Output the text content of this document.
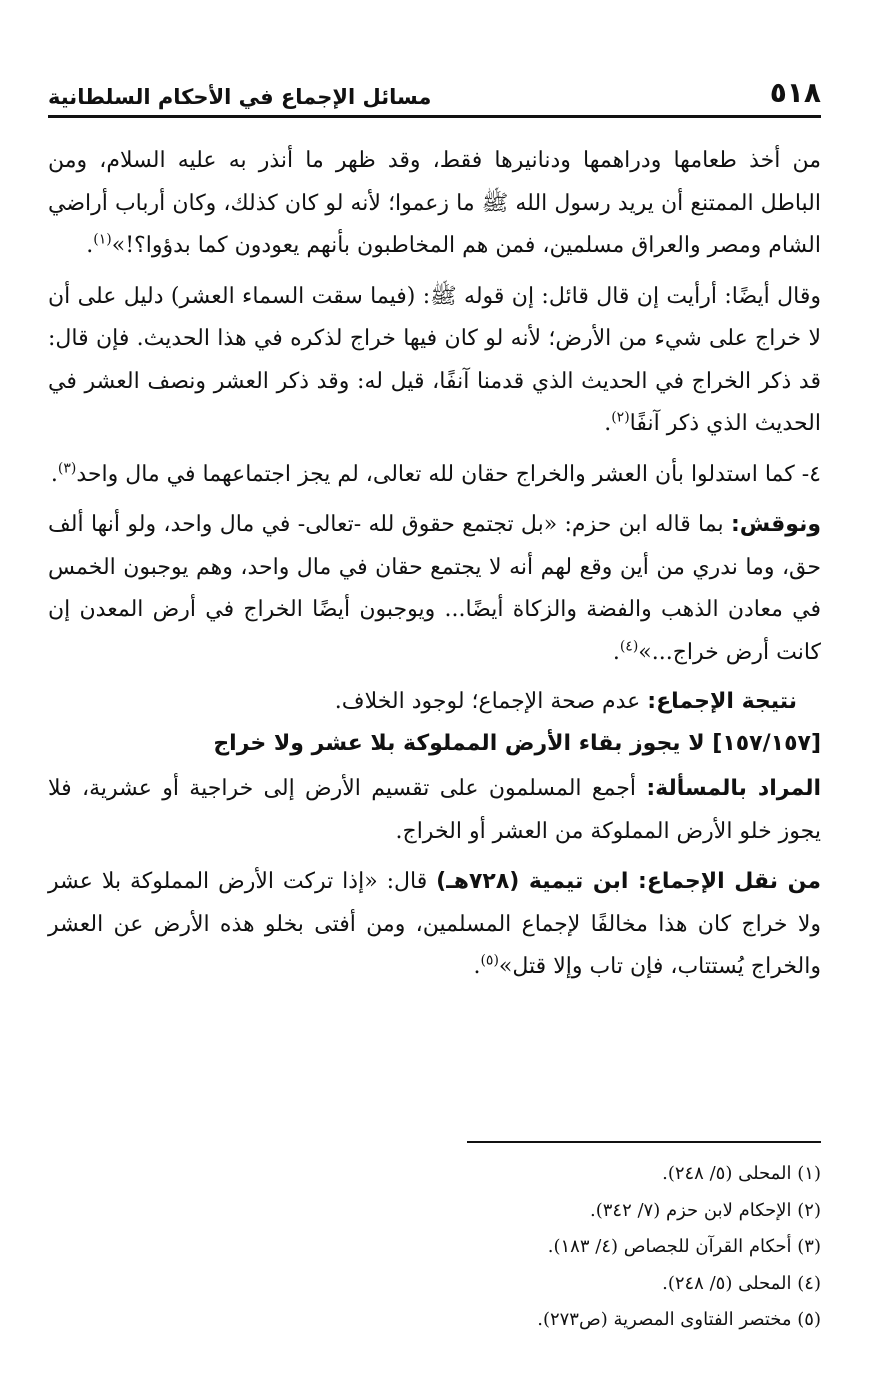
٥١٨
مسائل الإجماع في الأحكام السلطانية

من أخذ طعامها ودراهمها ودنانيرها فقط، وقد ظهر ما أنذر به عليه السلام، ومن الباطل الممتنع أن يريد رسول الله ﷺ ما زعموا؛ لأنه لو كان كذلك، وكان أرباب أراضي الشام ومصر والعراق مسلمين، فمن هم المخاطبون بأنهم يعودون كما بدؤوا؟!»$^{(١)}$.

وقال أيضًا: أرأيت إن قال قائل: إن قوله ﷺ: (فيما سقت السماء العشر) دليل على أن لا خراج على شيء من الأرض؛ لأنه لو كان فيها خراج لذكره في هذا الحديث. فإن قال: قد ذكر الخراج في الحديث الذي قدمنا آنفًا، قيل له: وقد ذكر العشر ونصف العشر في الحديث الذي ذكر آنفًا$^{(٢)}$.

٤- كما استدلوا بأن العشر والخراج حقان لله تعالى، لم يجز اجتماعهما في مال واحد$^{(٣)}$.

ونوقش: بما قاله ابن حزم: «بل تجتمع حقوق لله -تعالى- في مال واحد، ولو أنها ألف حق، وما ندري من أين وقع لهم أنه لا يجتمع حقان في مال واحد، وهم يوجبون الخمس في معادن الذهب والفضة والزكاة أيضًا... ويوجبون أيضًا الخراج في أرض المعدن إن كانت أرض خراج...»$^{(٤)}$.

نتيجة الإجماع: عدم صحة الإجماع؛ لوجود الخلاف.

[١٥٧/١٥٧] لا يجوز بقاء الأرض المملوكة بلا عشر ولا خراج

المراد بالمسألة: أجمع المسلمون على تقسيم الأرض إلى خراجية أو عشرية، فلا يجوز خلو الأرض المملوكة من العشر أو الخراج.

من نقل الإجماع: ابن تيمية (٧٢٨هـ) قال: «إذا تركت الأرض المملوكة بلا عشر ولا خراج كان هذا مخالفًا لإجماع المسلمين، ومن أفتى بخلو هذه الأرض عن العشر والخراج يُستتاب، فإن تاب وإلا قتل»$^{(٥)}$.

(١) المحلى (٥/ ٢٤٨).

(٢) الإحكام لابن حزم (٧/ ٣٤٢).

(٣) أحكام القرآن للجصاص (٤/ ١٨٣).

(٤) المحلى (٥/ ٢٤٨).

(٥) مختصر الفتاوى المصرية (ص٢٧٣).
